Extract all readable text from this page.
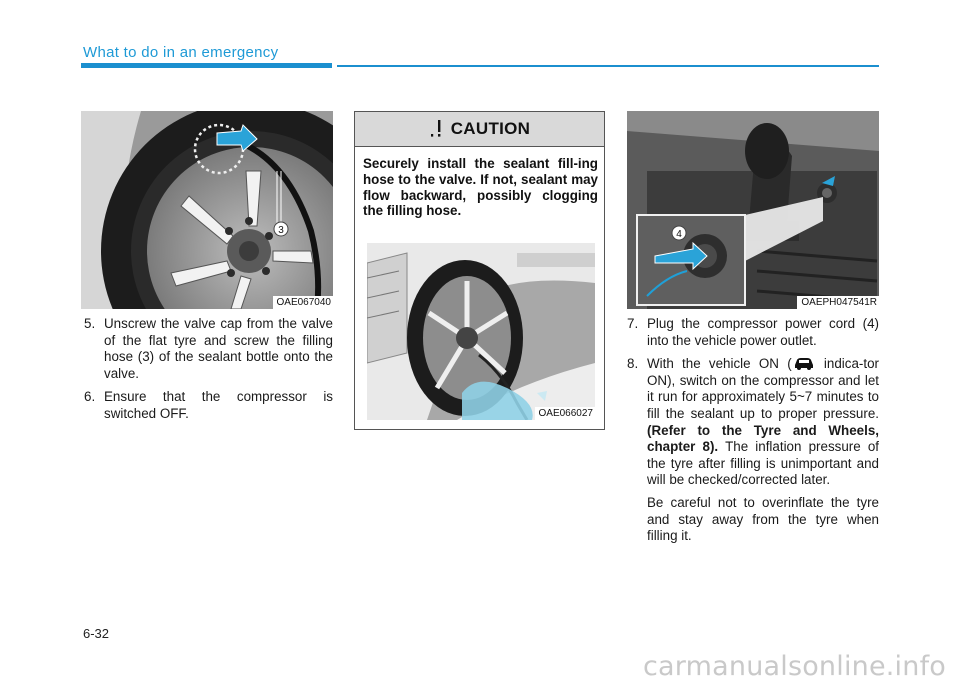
What to do in an emergency
3
OAE067040
5. Unscrew the valve cap from the valve of the flat tyre and screw the filling hose (3) of the sealant bottle onto the valve.
6. Ensure that the compressor is switched OFF.
CAUTION
Securely install the sealant fill-ing hose to the valve. If not, sealant may flow backward, possibly clogging the filling hose.
OAE066027
4
OAEPH047541R
7. Plug the compressor power cord (4) into the vehicle power outlet.
8. With the vehicle ON ( indica-tor ON), switch on the compressor and let it run for approximately 5~7 minutes to fill the sealant up to proper pressure. (Refer to the Tyre and Wheels, chapter 8). The inflation pressure of the tyre after filling is unimportant and will be checked/corrected later.
Be careful not to overinflate the tyre and stay away from the tyre when filling it.
6-32
carmanualsonline.info
